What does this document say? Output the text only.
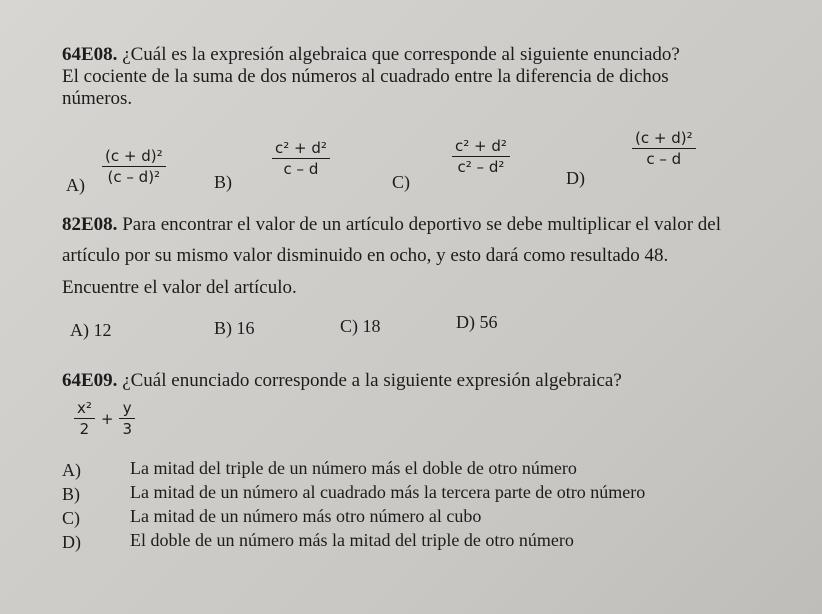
64E08. ¿Cuál es la expresión algebraica que corresponde al siguiente enunciado?
El cociente de la suma de dos números al cuadrado entre la diferencia de dichos
números.
A)
(c + d)²
(c – d)²	B)
c² + d²
c – d
C)
c² + d²
c² – d²
D)
(c + d)²
c – d
82E08. Para encontrar el valor de un artículo deportivo se debe multiplicar el valor del
artículo por su mismo valor disminuido en ocho, y esto dará como resultado 48.
Encuentre el valor del artículo.
A) 12	B) 16	C) 18	D) 56
64E09. ¿Cuál enunciado corresponde a la siguiente expresión algebraica?
$\frac{\text{x²}}{2} + \frac{y}{3}$
A)	La mitad del triple de un número más el doble de otro número
B)	La mitad de un número al cuadrado más la tercera parte de otro número
C)	La mitad de un número más otro número al cubo
D)	El doble de un número más la mitad del triple de otro número
